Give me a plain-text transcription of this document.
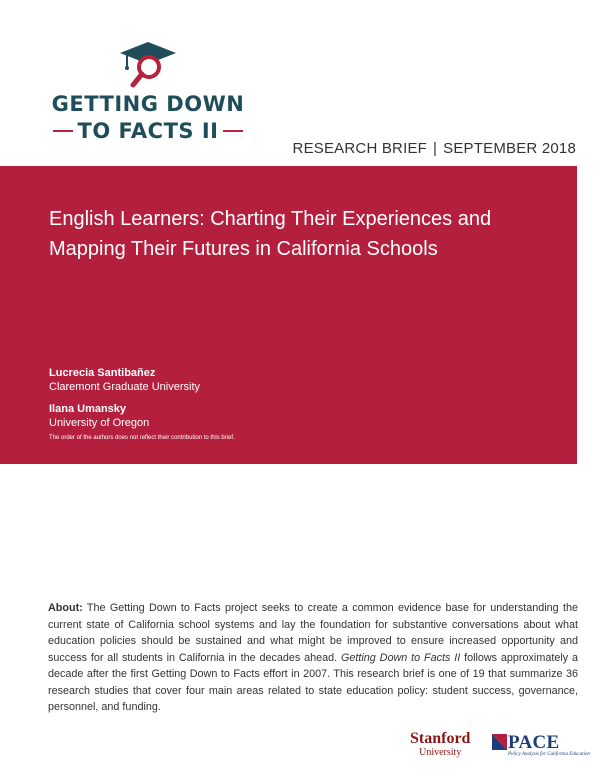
GETTING DOWN
TO FACTS II
RESEARCH BRIEF | SEPTEMBER 2018
English Learners: Charting Their Experiences and Mapping Their Futures in California Schools
Lucrecia Santibañez
Claremont Graduate University
Ilana Umansky
University of Oregon
The order of the authors does not reflect their contribution to this brief.

About: The Getting Down to Facts project seeks to create a common evidence base for understanding the current state of California school systems and lay the foundation for substantive conversations about what education policies should be sustained and what might be improved to ensure increased opportunity and success for all students in California in the decades ahead. Getting Down to Facts II follows approximately a decade after the first Getting Down to Facts effort in 2007. This research brief is one of 19 that summarize 36 research studies that cover four main areas related to state education policy: student success, governance, personnel, and funding.

Stanford
University	PACE
Policy Analysis for California Education
